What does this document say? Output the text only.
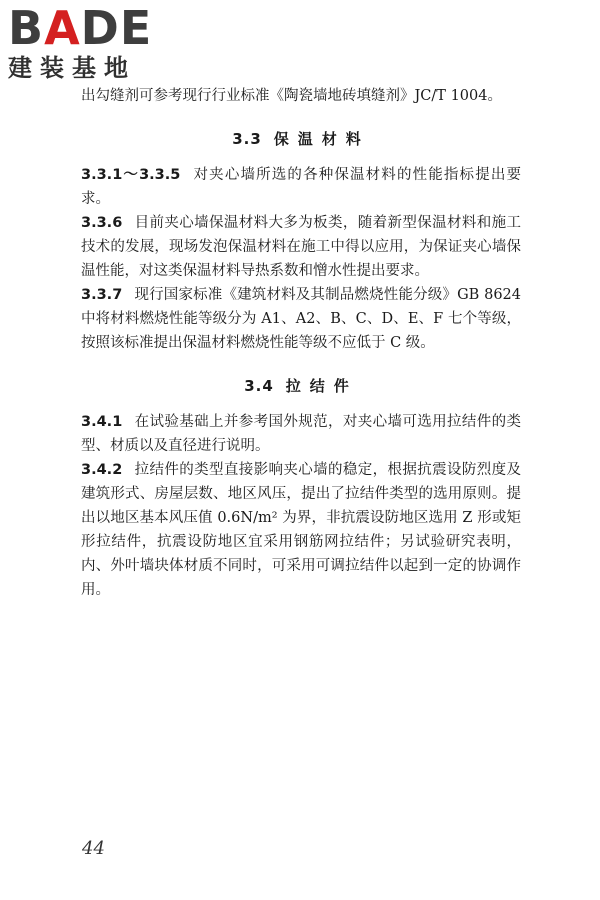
BADE
建装基地

出勾缝剂可参考现行行业标准《陶瓷墙地砖填缝剂》JC/T 1004。

3.3 保温材料

3.3.1～3.3.5 对夹心墙所选的各种保温材料的性能指标提出要求。

3.3.6 目前夹心墙保温材料大多为板类，随着新型保温材料和施工技术的发展，现场发泡保温材料在施工中得以应用，为保证夹心墙保温性能，对这类保温材料导热系数和憎水性提出要求。

3.3.7 现行国家标准《建筑材料及其制品燃烧性能分级》GB 8624 中将材料燃烧性能等级分为 A1、A2、B、C、D、E、F 七个等级，按照该标准提出保温材料燃烧性能等级不应低于 C 级。

3.4 拉结件

3.4.1 在试验基础上并参考国外规范，对夹心墙可选用拉结件的类型、材质以及直径进行说明。

3.4.2 拉结件的类型直接影响夹心墙的稳定，根据抗震设防烈度及建筑形式、房屋层数、地区风压，提出了拉结件类型的选用原则。提出以地区基本风压值 0.6N/m² 为界，非抗震设防地区选用 Z 形或矩形拉结件，抗震设防地区宜采用钢筋网拉结件；另试验研究表明，内、外叶墙块体材质不同时，可采用可调拉结件以起到一定的协调作用。

44
